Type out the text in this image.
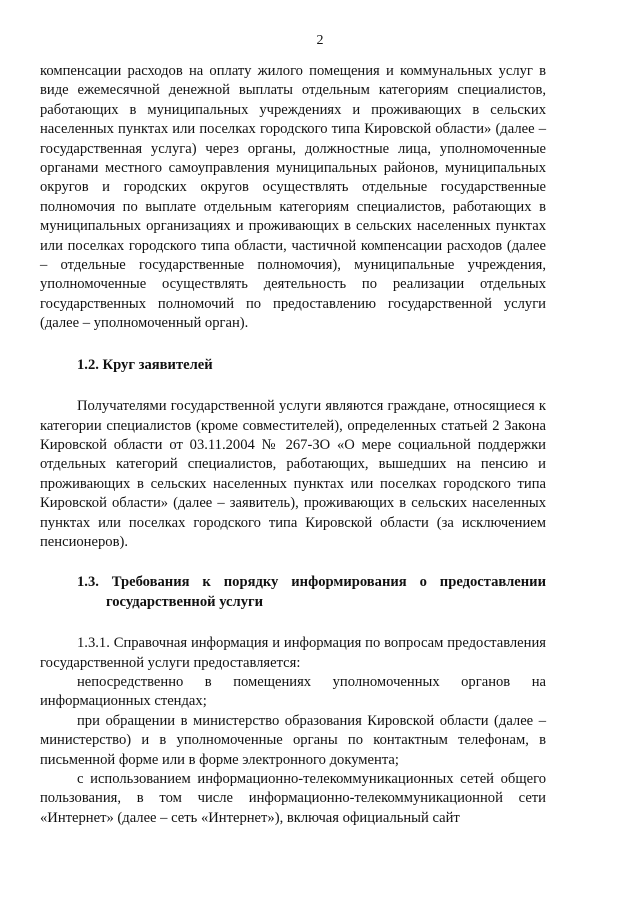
2

компенсации расходов на оплату жилого помещения и коммунальных услуг в виде ежемесячной денежной выплаты отдельным категориям специалистов, работающих в муниципальных учреждениях и проживающих в сельских населенных пунктах или поселках городского типа Кировской области» (далее – государственная услуга) через органы, должностные лица, уполномоченные органами местного самоуправления муниципальных районов, муниципальных округов и городских округов осуществлять отдельные государственные полномочия по выплате отдельным категориям специалистов, работающих в муниципальных организациях и проживающих в сельских населенных пунктах или поселках городского типа области, частичной компенсации расходов (далее – отдельные государственные полномочия), муниципальные учреждения, уполномоченные осуществлять деятельность по реализации отдельных государственных полномочий по предоставлению государственной услуги (далее – уполномоченный орган).

1.2. Круг заявителей

Получателями государственной услуги являются граждане, относящиеся к категории специалистов (кроме совместителей), определенных статьей 2 Закона Кировской области от 03.11.2004 № 267-ЗО «О мере социальной поддержки отдельных категорий специалистов, работающих, вышедших на пенсию и проживающих в сельских населенных пунктах или поселках городского типа Кировской области» (далее – заявитель), проживающих в сельских населенных пунктах или поселках городского типа Кировской области (за исключением пенсионеров).

1.3. Требования к порядку информирования о предоставлении государственной услуги

1.3.1. Справочная информация и информация по вопросам предоставления государственной услуги предоставляется:

непосредственно в помещениях уполномоченных органов на информационных стендах;

при обращении в министерство образования Кировской области (далее – министерство) и в уполномоченные органы по контактным телефонам, в письменной форме или в форме электронного документа;

с использованием информационно-телекоммуникационных сетей общего пользования, в том числе информационно-телекоммуникационной сети «Интернет» (далее – сеть «Интернет»), включая официальный сайт
